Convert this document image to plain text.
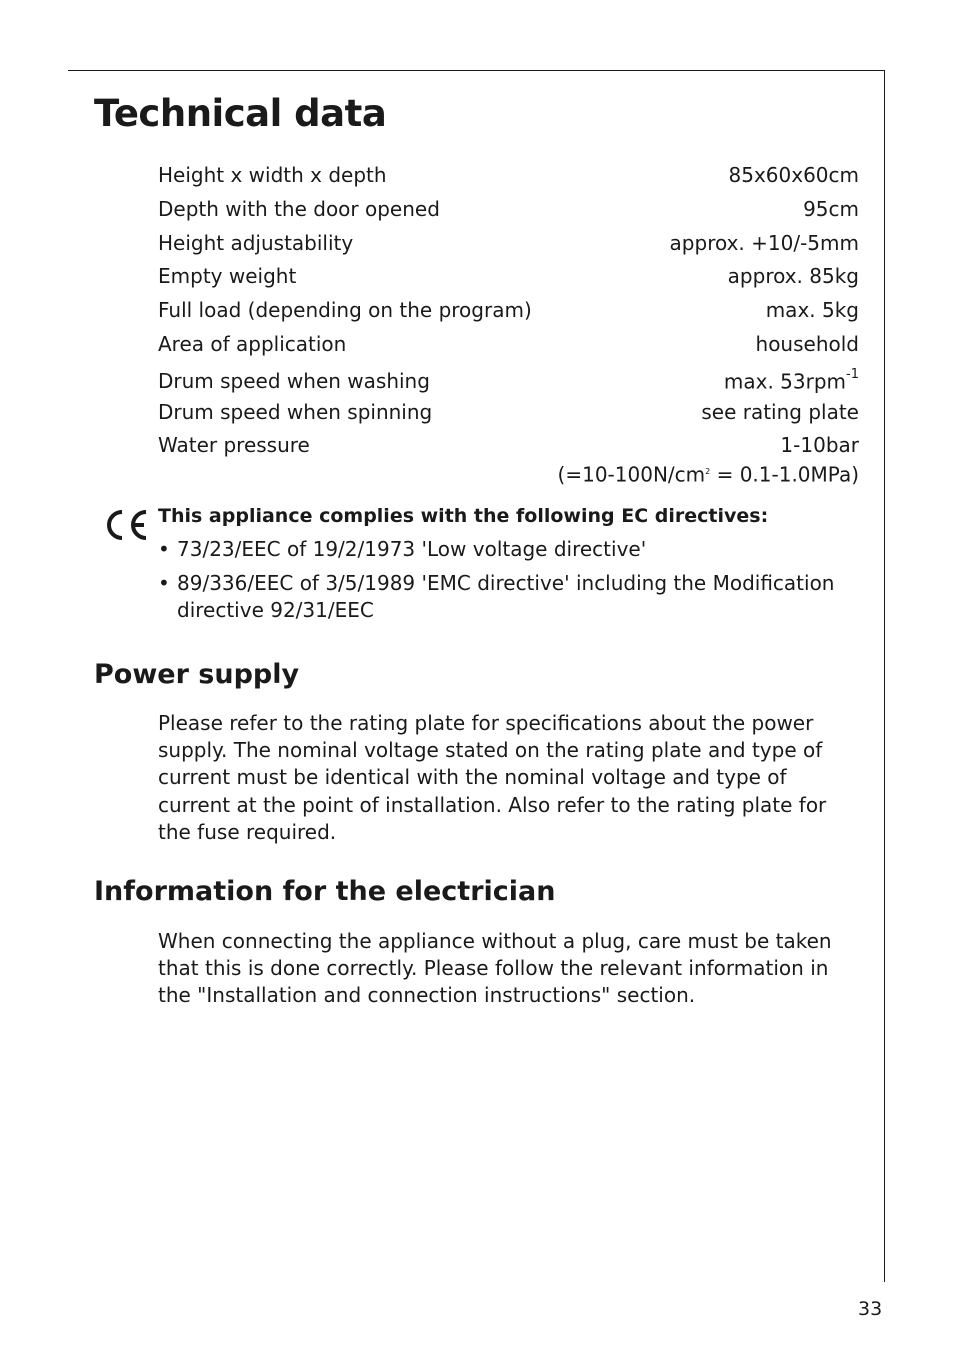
Technical data
Height x width x depth	85x60x60cm
Depth with the door opened	95cm
Height adjustability	approx. +10/-5mm
Empty weight	approx. 85kg
Full load (depending on the program)	max. 5kg
Area of application	household
Drum speed when washing	max. 53rpm$^{-1}$
Drum speed when spinning	see rating plate
Water pressure	1-10bar
$(=10-100N/cm^2 = 0.1-1.0MPa)$

This appliance complies with the following EC directives:

• 73/23/EEC of 19/2/1973 'Low voltage directive'
• 89/336/EEC of 3/5/1989 'EMC directive' including the Modification directive 92/31/EEC
Power supply

Please refer to the rating plate for specifications about the power supply. The nominal voltage stated on the rating plate and type of current must be identical with the nominal voltage and type of current at the point of installation. Also refer to the rating plate for the fuse required.

Information for the electrician

When connecting the appliance without a plug, care must be taken that this is done correctly. Please follow the relevant information in the "Installation and connection instructions" section.

33
